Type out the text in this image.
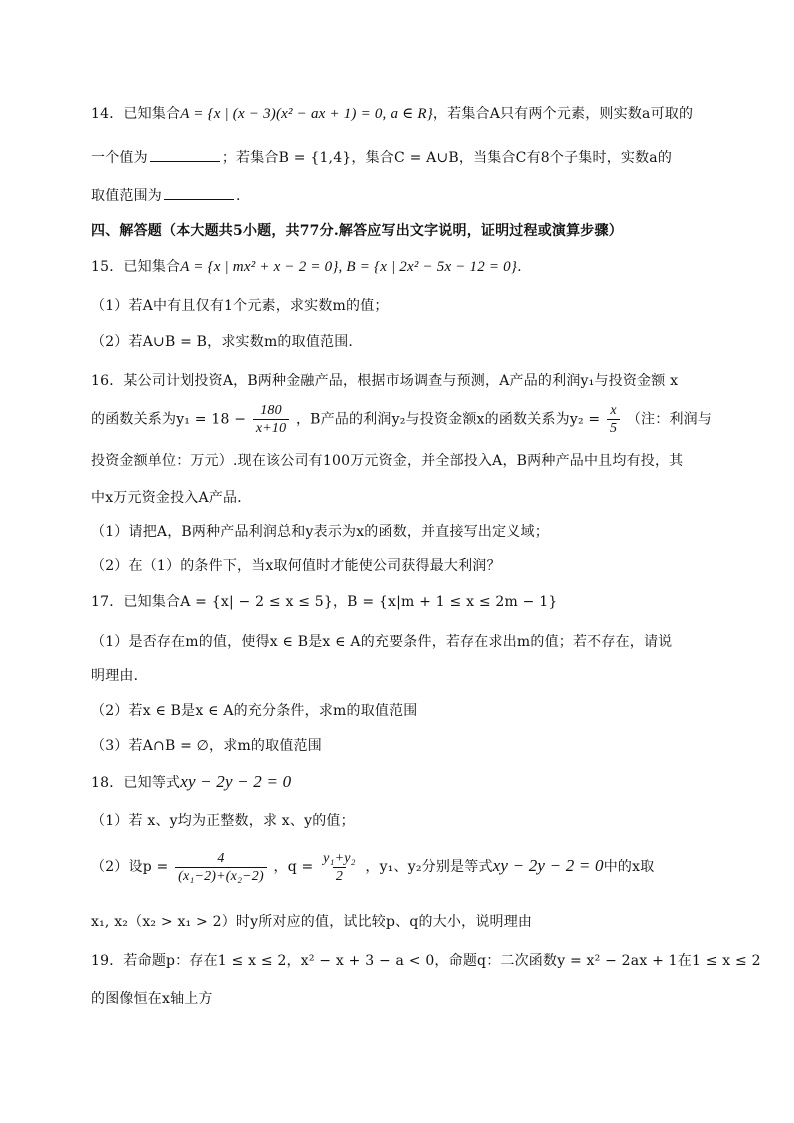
14．已知集合A = {x | (x − 3)(x² − ax + 1) = 0, a ∈ R}，若集合A只有两个元素，则实数a可取的
一个值为	；若集合B = {1,4}，集合C = A∪B，当集合C有8个子集时，实数a的
取值范围为	.
四、解答题（本大题共5小题，共77分.解答应写出文字说明，证明过程或演算步骤）
15．已知集合A = {x | mx² + x − 2 = 0}, B = {x | 2x² − 5x − 12 = 0}.
（1）若A中有且仅有1个元素，求实数m的值；
（2）若A∪B = B，求实数m的取值范围.
16．某公司计划投资A，B两种金融产品，根据市场调查与预测，A产品的利润y₁与投资金额 x
的函数关系为$y_1 = 18 - \frac{180}{x+10}$ ，B产品的利润y₂与投资金额x的函数关系为$y_2 = \frac{x}{5}$ （注：利润与
投资金额单位：万元）.现在该公司有100万元资金，并全部投入A，B两种产品中且均有投，其
中x万元资金投入A产品．
（1）请把A，B两种产品利润总和y表示为x的函数，并直接写出定义域；
（2）在（1）的条件下，当x取何值时才能使公司获得最大利润？
17．已知集合A = {x| − 2 ≤ x ≤ 5}，B = {x|m + 1 ≤ x ≤ 2m − 1}
（1）是否存在m的值，使得x ∈ B是x ∈ A的充要条件，若存在求出m的值；若不存在，请说
明理由．
（2）若x ∈ B是x ∈ A的充分条件，求m的取值范围
（3）若A∩B = ∅，求m的取值范围
18．已知等式xy − 2y − 2 = 0
（1）若 x、y均为正整数，求 x、y的值；
（2）设$p = \frac{4}{\text{(x₁−2)+(x₂−2)}}$ ，$q = \frac{\text{y₁+y₂}}{2}$ ，y₁、y₂分别是等式xy − 2y − 2 = 0中的x取
x₁, x₂（x₂ > x₁ > 2）时y所对应的值，试比较p、q的大小，说明理由
19．若命题p：存在1 ≤ x ≤ 2，x² − x + 3 − a < 0，命题q：二次函数y = x² − 2ax + 1在1 ≤ x ≤ 2
的图像恒在x轴上方
